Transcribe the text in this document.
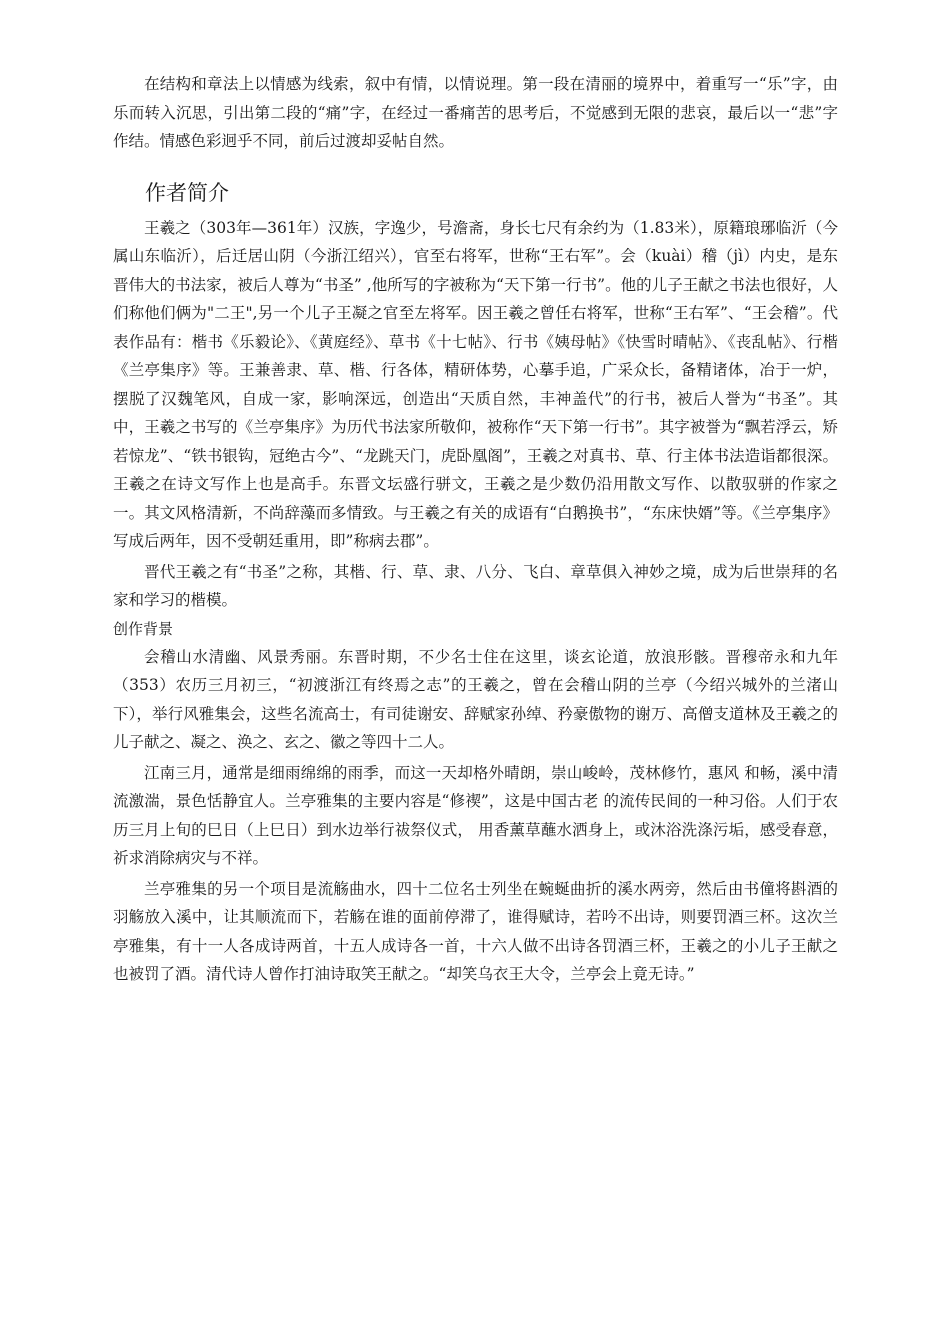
在结构和章法上以情感为线索，叙中有情，以情说理。第一段在清丽的境界中，着重写一“乐”字，由乐而转入沉思，引出第二段的“痛”字，在经过一番痛苦的思考后，不觉感到无限的悲哀，最后以一“悲”字作结。情感色彩迥乎不同，前后过渡却妥帖自然。

作者简介

王羲之（303年—361年）汉族，字逸少，号澹斋，身长七尺有余约为（1.83米），原籍琅琊临沂（今属山东临沂），后迁居山阴（今浙江绍兴），官至右将军，世称“王右军”。会（kuài）稽（jì）内史，是东晋伟大的书法家，被后人尊为“书圣” ,他所写的字被称为“天下第一行书”。他的儿子王献之书法也很好，人们称他们俩为"二王",另一个儿子王凝之官至左将军。因王羲之曾任右将军，世称“王右军”、“王会稽”。代表作品有：楷书《乐毅论》、《黄庭经》、草书《十七帖》、行书《姨母帖》《快雪时晴帖》、《丧乱帖》、行楷《兰亭集序》等。王兼善隶、草、楷、行各体，精研体势，心摹手追，广采众长，备精诸体，冶于一炉，摆脱了汉魏笔风，自成一家，影响深远，创造出“天质自然，丰神盖代”的行书，被后人誉为“书圣”。其中，王羲之书写的《兰亭集序》为历代书法家所敬仰，被称作“天下第一行书”。其字被誉为“飘若浮云，矫若惊龙”、“铁书银钩，冠绝古今”、“龙跳天门，虎卧凰阁”，王羲之对真书、草、行主体书法造诣都很深。王羲之在诗文写作上也是高手。东晋文坛盛行骈文，王羲之是少数仍沿用散文写作、以散驭骈的作家之一。其文风格清新，不尚辞藻而多情致。与王羲之有关的成语有“白鹅换书”，“东床快婿”等。《兰亭集序》写成后两年，因不受朝廷重用，即”称病去郡”。

晋代王羲之有“书圣”之称，其楷、行、草、隶、八分、飞白、章草俱入神妙之境，成为后世崇拜的名家和学习的楷模。

创作背景

会稽山水清幽、风景秀丽。东晋时期，不少名士住在这里，谈玄论道，放浪形骸。晋穆帝永和九年（353）农历三月初三，“初渡浙江有终焉之志”的王羲之，曾在会稽山阴的兰亭（今绍兴城外的兰渚山下），举行风雅集会，这些名流高士，有司徒谢安、辞赋家孙绰、矜豪傲物的谢万、高僧支道林及王羲之的儿子献之、凝之、涣之、玄之、徽之等四十二人。

江南三月，通常是细雨绵绵的雨季，而这一天却格外晴朗，崇山峻岭，茂林修竹，惠风 和畅，溪中清流激湍，景色恬静宜人。兰亭雅集的主要内容是“修禊”，这是中国古老 的流传民间的一种习俗。人们于农历三月上旬的巳日（上巳日）到水边举行祓祭仪式， 用香薰草蘸水洒身上，或沐浴洗涤污垢，感受春意，祈求消除病灾与不祥。

兰亭雅集的另一个项目是流觞曲水，四十二位名士列坐在蜿蜒曲折的溪水两旁，然后由书僮将斟酒的羽觞放入溪中，让其顺流而下，若觞在谁的面前停滞了，谁得赋诗，若吟不出诗，则要罚酒三杯。这次兰亭雅集，有十一人各成诗两首，十五人成诗各一首，十六人做不出诗各罚酒三杯，王羲之的小儿子王献之也被罚了酒。清代诗人曾作打油诗取笑王献之。“却笑乌衣王大令，兰亭会上竟无诗。”
